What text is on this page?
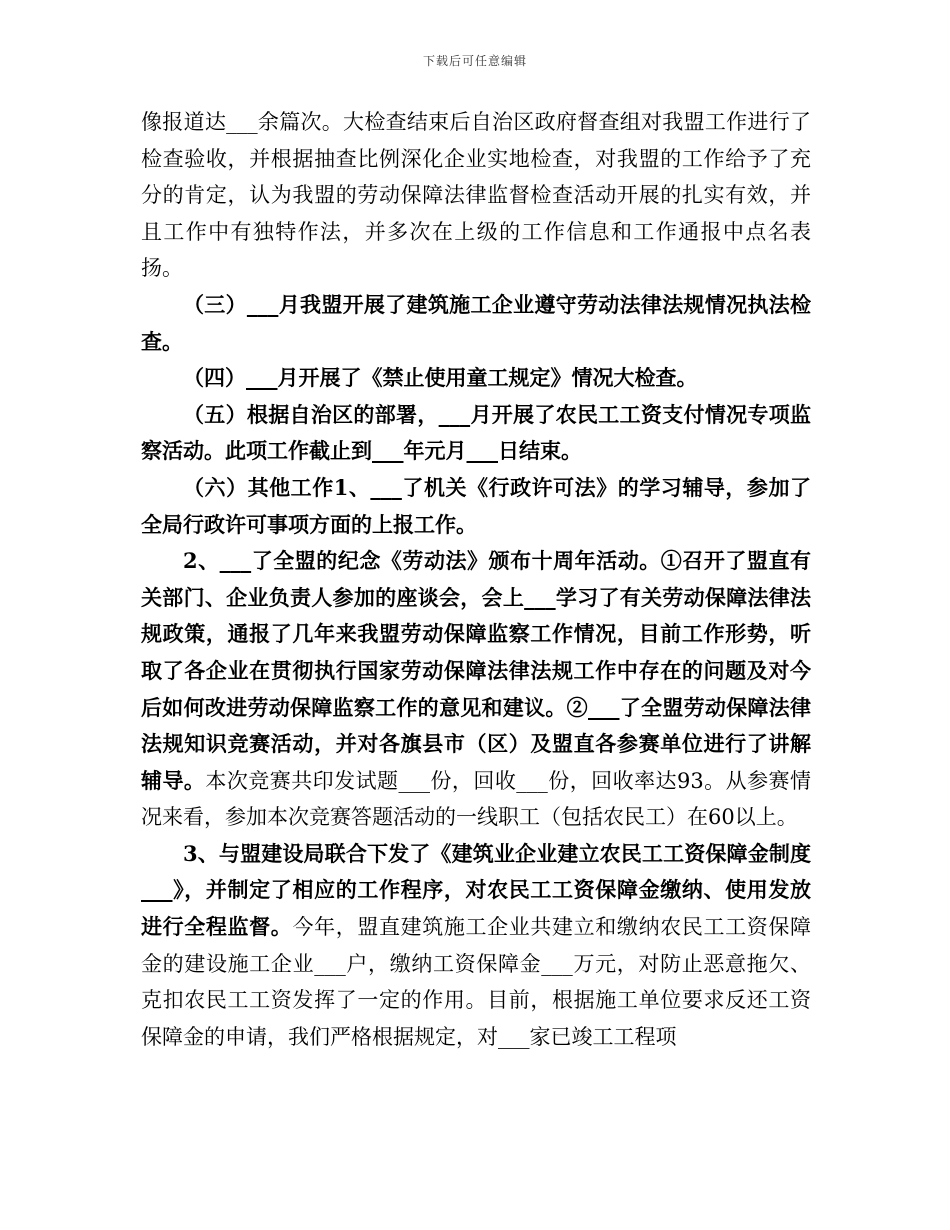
下载后可任意编辑

像报道达___余篇次。大检查结束后自治区政府督查组对我盟工作进行了检查验收，并根据抽查比例深化企业实地检查，对我盟的工作给予了充分的肯定，认为我盟的劳动保障法律监督检查活动开展的扎实有效，并且工作中有独特作法，并多次在上级的工作信息和工作通报中点名表扬。

（三）___月我盟开展了建筑施工企业遵守劳动法律法规情况执法检查。

（四）___月开展了《禁止使用童工规定》情况大检查。

（五）根据自治区的部署，___月开展了农民工工资支付情况专项监察活动。此项工作截止到___年元月___日结束。

（六）其他工作1、___了机关《行政许可法》的学习辅导，参加了全局行政许可事项方面的上报工作。

2、___了全盟的纪念《劳动法》颁布十周年活动。①召开了盟直有关部门、企业负责人参加的座谈会，会上___学习了有关劳动保障法律法规政策，通报了几年来我盟劳动保障监察工作情况，目前工作形势，听取了各企业在贯彻执行国家劳动保障法律法规工作中存在的问题及对今后如何改进劳动保障监察工作的意见和建议。②___了全盟劳动保障法律法规知识竞赛活动，并对各旗县市（区）及盟直各参赛单位进行了讲解辅导。本次竞赛共印发试题___份，回收___份，回收率达93。从参赛情况来看，参加本次竞赛答题活动的一线职工（包括农民工）在60以上。

3、与盟建设局联合下发了《建筑业企业建立农民工工资保障金制度___》，并制定了相应的工作程序，对农民工工资保障金缴纳、使用发放进行全程监督。今年，盟直建筑施工企业共建立和缴纳农民工工资保障金的建设施工企业___户，缴纳工资保障金___万元，对防止恶意拖欠、克扣农民工工资发挥了一定的作用。目前，根据施工单位要求反还工资保障金的申请，我们严格根据规定，对___家已竣工工程项
